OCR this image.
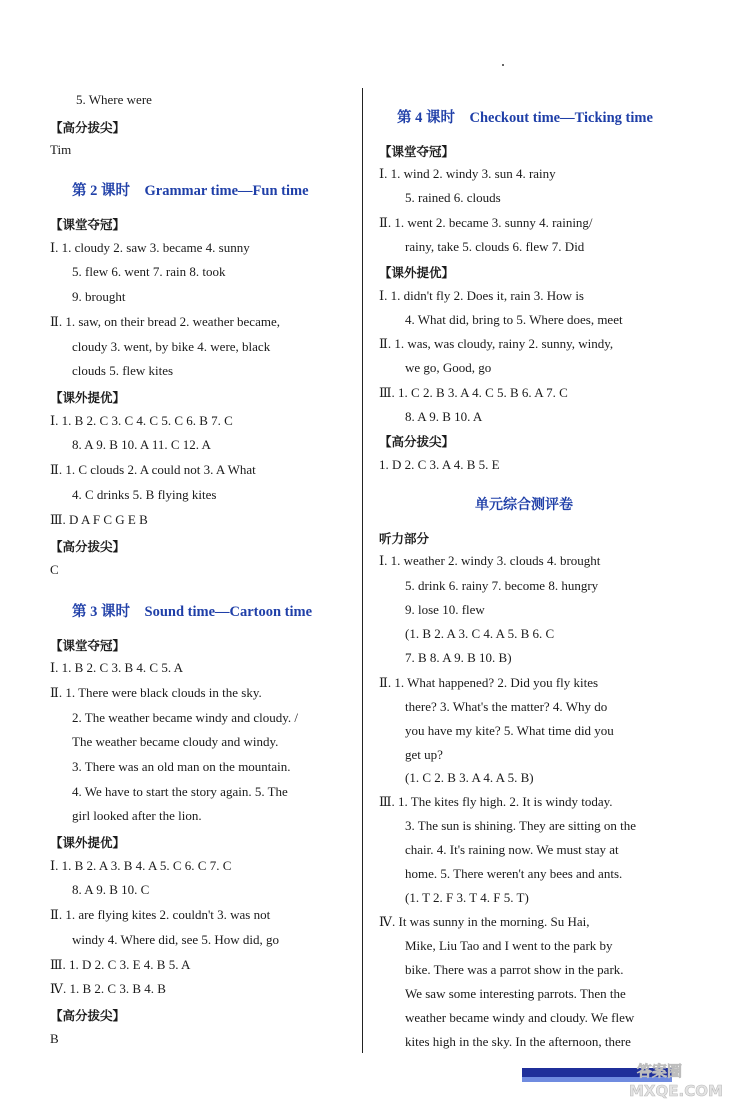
5. Where were
【高分拔尖】
Tim
第 2 课时　Grammar time—Fun time
【课堂夺冠】
Ⅰ. 1. cloudy 2. saw 3. became 4. sunny
5. flew 6. went 7. rain 8. took
9. brought
Ⅱ. 1. saw, on their bread 2. weather became,
cloudy 3. went, by bike 4. were, black
clouds 5. flew kites
【课外提优】
Ⅰ. 1. B 2. C 3. C 4. C 5. C 6. B 7. C
8. A 9. B 10. A 11. C 12. A
Ⅱ. 1. C clouds 2. A could not 3. A What
4. C drinks 5. B flying kites
Ⅲ. D A F C G E B
【高分拔尖】
C
第 3 课时　Sound time—Cartoon time
【课堂夺冠】
Ⅰ. 1. B 2. C 3. B 4. C 5. A
Ⅱ. 1. There were black clouds in the sky.
2. The weather became windy and cloudy. /
The weather became cloudy and windy.
3. There was an old man on the mountain.
4. We have to start the story again. 5. The
girl looked after the lion.
【课外提优】
Ⅰ. 1. B 2. A 3. B 4. A 5. C 6. C 7. C
8. A 9. B 10. C
Ⅱ. 1. are flying kites 2. couldn't 3. was not
windy 4. Where did, see 5. How did, go
Ⅲ. 1. D 2. C 3. E 4. B 5. A
Ⅳ. 1. B 2. C 3. B 4. B
【高分拔尖】
B
第 4 课时　Checkout time—Ticking time
【课堂夺冠】
Ⅰ. 1. wind 2. windy 3. sun 4. rainy
5. rained 6. clouds
Ⅱ. 1. went 2. became 3. sunny 4. raining/
rainy, take 5. clouds 6. flew 7. Did
【课外提优】
Ⅰ. 1. didn't fly 2. Does it, rain 3. How is
4. What did, bring to 5. Where does, meet
Ⅱ. 1. was, was cloudy, rainy 2. sunny, windy,
we go, Good, go
Ⅲ. 1. C 2. B 3. A 4. C 5. B 6. A 7. C
8. A 9. B 10. A
【高分拔尖】
1. D 2. C 3. A 4. B 5. E
单元综合测评卷
听力部分
Ⅰ. 1. weather 2. windy 3. clouds 4. brought
5. drink 6. rainy 7. become 8. hungry
9. lose 10. flew
(1. B 2. A 3. C 4. A 5. B 6. C
7. B 8. A 9. B 10. B)
Ⅱ. 1. What happened? 2. Did you fly kites
there? 3. What's the matter? 4. Why do
you have my kite? 5. What time did you
get up?
(1. C 2. B 3. A 4. A 5. B)
Ⅲ. 1. The kites fly high. 2. It is windy today.
3. The sun is shining. They are sitting on the
chair. 4. It's raining now. We must stay at
home. 5. There weren't any bees and ants.
(1. T 2. F 3. T 4. F 5. T)
Ⅳ. It was sunny in the morning. Su Hai,
Mike, Liu Tao and I went to the park by
bike. There was a parrot show in the park.
We saw some interesting parrots. Then the
weather became windy and cloudy. We flew
kites high in the sky. In the afternoon, there
答案圈
MXQE.COM
